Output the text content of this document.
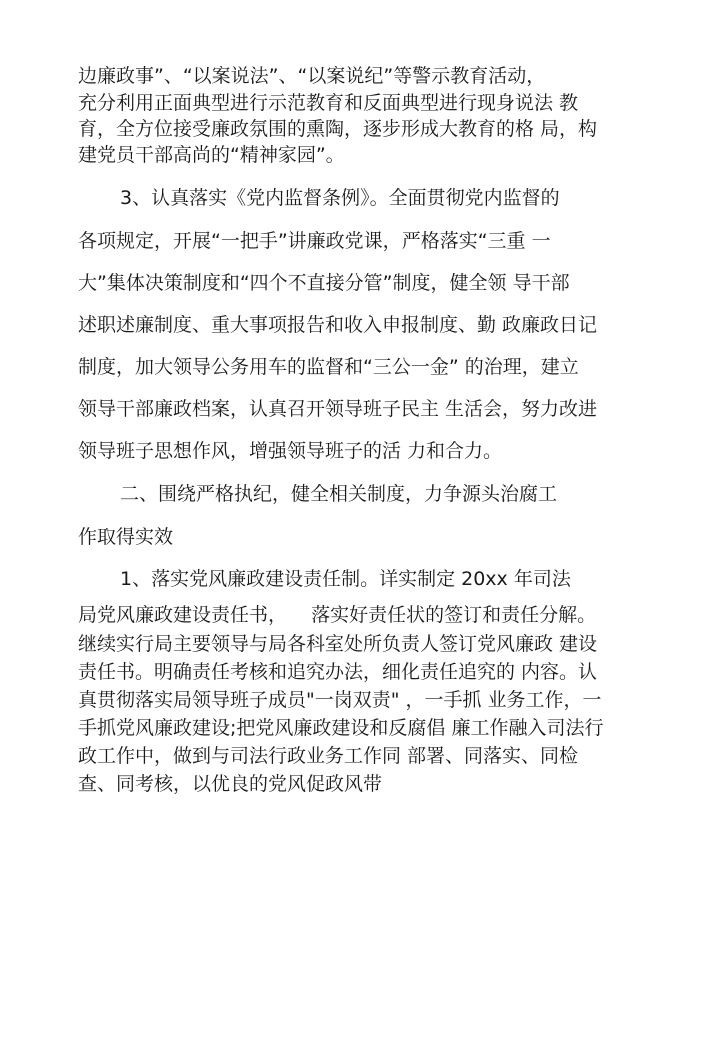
边廉政事”、“以案说法”、“以案说纪”等警示教育活动，
充分利用正面典型进行示范教育和反面典型进行现身说法 教
育，全方位接受廉政氛围的熏陶，逐步形成大教育的格 局，构
建党员干部高尚的“精神家园”。
3、认真落实《党内监督条例》。全面贯彻党内监督的
各项规定，开展“一把手”讲廉政党课，严格落实“三重 一
大”集体决策制度和“四个不直接分管”制度，健全领 导干部
述职述廉制度、重大事项报告和收入申报制度、勤 政廉政日记
制度，加大领导公务用车的监督和“三公一金” 的治理，建立
领导干部廉政档案，认真召开领导班子民主 生活会，努力改进
领导班子思想作风，增强领导班子的活 力和合力。
二、围绕严格执纪，健全相关制度，力争源头治腐工
作取得实效
1、落实党风廉政建设责任制。详实制定 20xx 年司法
局党风廉政建设责任书，    落实好责任状的签订和责任分解。
继续实行局主要领导与局各科室处所负责人签订党风廉政 建设
责任书。明确责任考核和追究办法，细化责任追究的 内容。认
真贯彻落实局领导班子成员"一岗双责" ，一手抓 业务工作，一
手抓党风廉政建设;把党风廉政建设和反腐倡 廉工作融入司法行
政工作中，做到与司法行政业务工作同 部署、同落实、同检
查、同考核，以优良的党风促政风带
